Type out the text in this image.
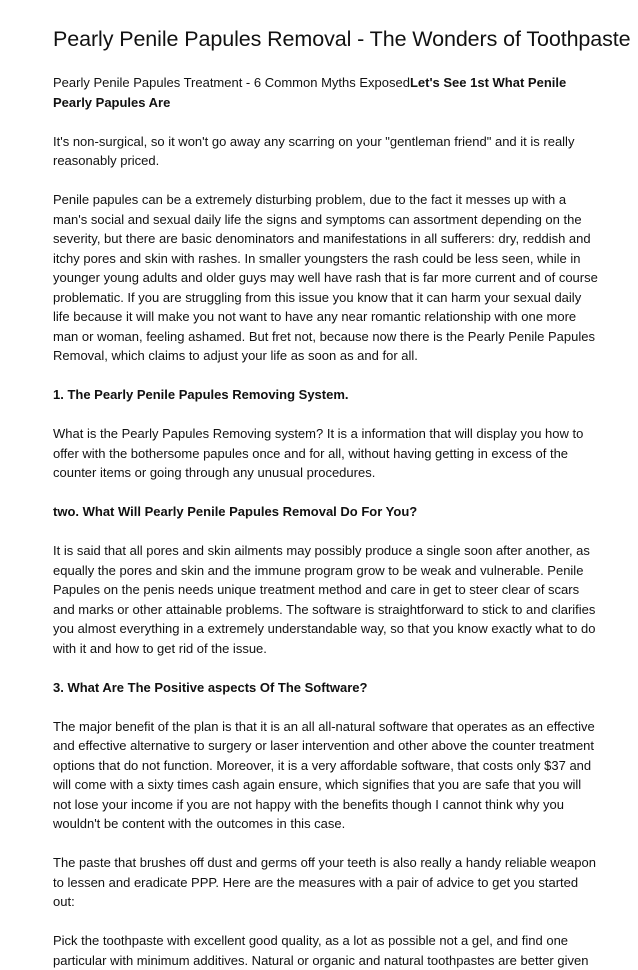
Pearly Penile Papules Removal - The Wonders of Toothpaste

Pearly Penile Papules Treatment - 6 Common Myths ExposedLet's See 1st What Penile Pearly Papules Are

It's non-surgical, so it won't go away any scarring on your "gentleman friend" and it is really reasonably priced.

Penile papules can be a extremely disturbing problem, due to the fact it messes up with a man's social and sexual daily life the signs and symptoms can assortment depending on the severity, but there are basic denominators and manifestations in all sufferers: dry, reddish and itchy pores and skin with rashes. In smaller youngsters the rash could be less seen, while in younger young adults and older guys may well have rash that is far more current and of course problematic. If you are struggling from this issue you know that it can harm your sexual daily life because it will make you not want to have any near romantic relationship with one more man or woman, feeling ashamed. But fret not, because now there is the Pearly Penile Papules Removal, which claims to adjust your life as soon as and for all.

1. The Pearly Penile Papules Removing System.

What is the Pearly Papules Removing system? It is a information that will display you how to offer with the bothersome papules once and for all, without having getting in excess of the counter items or going through any unusual procedures.

two. What Will Pearly Penile Papules Removal Do For You?

It is said that all pores and skin ailments may possibly produce a single soon after another, as equally the pores and skin and the immune program grow to be weak and vulnerable. Penile Papules on the penis needs unique treatment method and care in get to steer clear of scars and marks or other attainable problems. The software is straightforward to stick to and clarifies you almost everything in a extremely understandable way, so that you know exactly what to do with it and how to get rid of the issue.

3. What Are The Positive aspects Of The Software?

The major benefit of the plan is that it is an all all-natural software that operates as an effective and effective alternative to surgery or laser intervention and other above the counter treatment options that do not function. Moreover, it is a very affordable software, that costs only $37 and will come with a sixty times cash again ensure, which signifies that you are safe that you will not lose your income if you are not happy with the benefits though I cannot think why you wouldn't be content with the outcomes in this case.

The paste that brushes off dust and germs off your teeth is also really a handy reliable weapon to lessen and eradicate PPP. Here are the measures with a pair of advice to get you started out:

Pick the toothpaste with excellent good quality, as a lot as possible not a gel, and find one particular with minimum additives. Natural or organic and natural toothpastes are better given
